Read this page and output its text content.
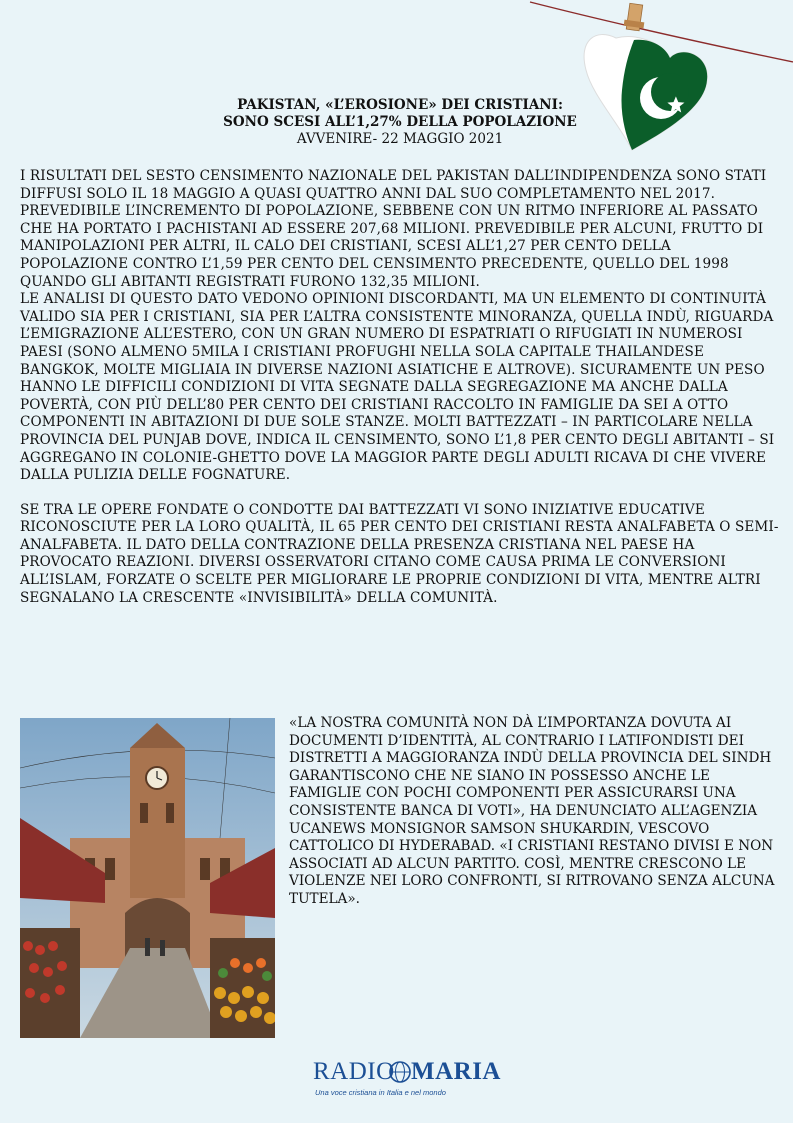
PAKISTAN, «L’EROSIONE» DEI CRISTIANI:
SONO SCESI ALL’1,27% DELLA POPOLAZIONE
AVVENIRE- 22 MAGGIO 2021

I RISULTATI DEL SESTO CENSIMENTO NAZIONALE DEL PAKISTAN DALL’INDIPENDENZA SONO STATI DIFFUSI SOLO IL 18 MAGGIO A QUASI QUATTRO ANNI DAL SUO COMPLETAMENTO NEL 2017. PREVEDIBILE L’INCREMENTO DI POPOLAZIONE, SEBBENE CON UN RITMO INFERIORE AL PASSATO CHE HA PORTATO I PACHISTANI AD ESSERE 207,68 MILIONI. PREVEDIBILE PER ALCUNI, FRUTTO DI MANIPOLAZIONI PER ALTRI, IL CALO DEI CRISTIANI, SCESI ALL’1,27 PER CENTO DELLA POPOLAZIONE CONTRO L’1,59 PER CENTO DEL CENSIMENTO PRECEDENTE, QUELLO DEL 1998 QUANDO GLI ABITANTI REGISTRATI FURONO 132,35 MILIONI.

LE ANALISI DI QUESTO DATO VEDONO OPINIONI DISCORDANTI, MA UN ELEMENTO DI CONTINUITÀ VALIDO SIA PER I CRISTIANI, SIA PER L’ALTRA CONSISTENTE MINORANZA, QUELLA INDÙ, RIGUARDA L’EMIGRAZIONE ALL’ESTERO, CON UN GRAN NUMERO DI ESPATRIATI O RIFUGIATI IN NUMEROSI PAESI (SONO ALMENO 5MILA I CRISTIANI PROFUGHI NELLA SOLA CAPITALE THAILANDESE BANGKOK, MOLTE MIGLIAIA IN DIVERSE NAZIONI ASIATICHE E ALTROVE). SICURAMENTE UN PESO HANNO LE DIFFICILI CONDIZIONI DI VITA SEGNATE DALLA SEGREGAZIONE MA ANCHE DALLA POVERTÀ, CON PIÙ DELL’80 PER CENTO DEI CRISTIANI RACCOLTO IN FAMIGLIE DA SEI A OTTO COMPONENTI IN ABITAZIONI DI DUE SOLE STANZE. MOLTI BATTEZZATI – IN PARTICOLARE NELLA PROVINCIA DEL PUNJAB DOVE, INDICA IL CENSIMENTO, SONO L’1,8 PER CENTO DEGLI ABITANTI – SI AGGREGANO IN COLONIE-GHETTO DOVE LA MAGGIOR PARTE DEGLI ADULTI RICAVA DI CHE VIVERE DALLA PULIZIA DELLE FOGNATURE.

SE TRA LE OPERE FONDATE O CONDOTTE DAI BATTEZZATI VI SONO INIZIATIVE EDUCATIVE RICONOSCIUTE PER LA LORO QUALITÀ, IL 65 PER CENTO DEI CRISTIANI RESTA ANALFABETA O SEMI-ANALFABETA. IL DATO DELLA CONTRAZIONE DELLA PRESENZA CRISTIANA NEL PAESE HA PROVOCATO REAZIONI. DIVERSI OSSERVATORI CITANO COME CAUSA PRIMA LE CONVERSIONI ALL’ISLAM, FORZATE O SCELTE PER MIGLIORARE LE PROPRIE CONDIZIONI DI VITA, MENTRE ALTRI SEGNALANO LA CRESCENTE «INVISIBILITÀ» DELLA COMUNITÀ.

«LA NOSTRA COMUNITÀ NON DÀ L’IMPORTANZA DOVUTA AI DOCUMENTI D’IDENTITÀ, AL CONTRARIO I LATIFONDISTI DEI DISTRETTI A MAGGIORANZA INDÙ DELLA PROVINCIA DEL SINDH GARANTISCONO CHE NE SIANO IN POSSESSO ANCHE LE FAMIGLIE CON POCHI COMPONENTI PER ASSICURARSI UNA CONSISTENTE BANCA DI VOTI», HA DENUNCIATO ALL’AGENZIA UCANEWS MONSIGNOR SAMSON SHUKARDIN, VESCOVO CATTOLICO DI HYDERABAD. «I CRISTIANI RESTANO DIVISI E NON ASSOCIATI AD ALCUN PARTITO. COSÌ, MENTRE CRESCONO LE VIOLENZE NEI LORO CONFRONTI, SI RITROVANO SENZA ALCUNA TUTELA».
RADIO MARIA
Una voce cristiana in Italia e nel mondo
